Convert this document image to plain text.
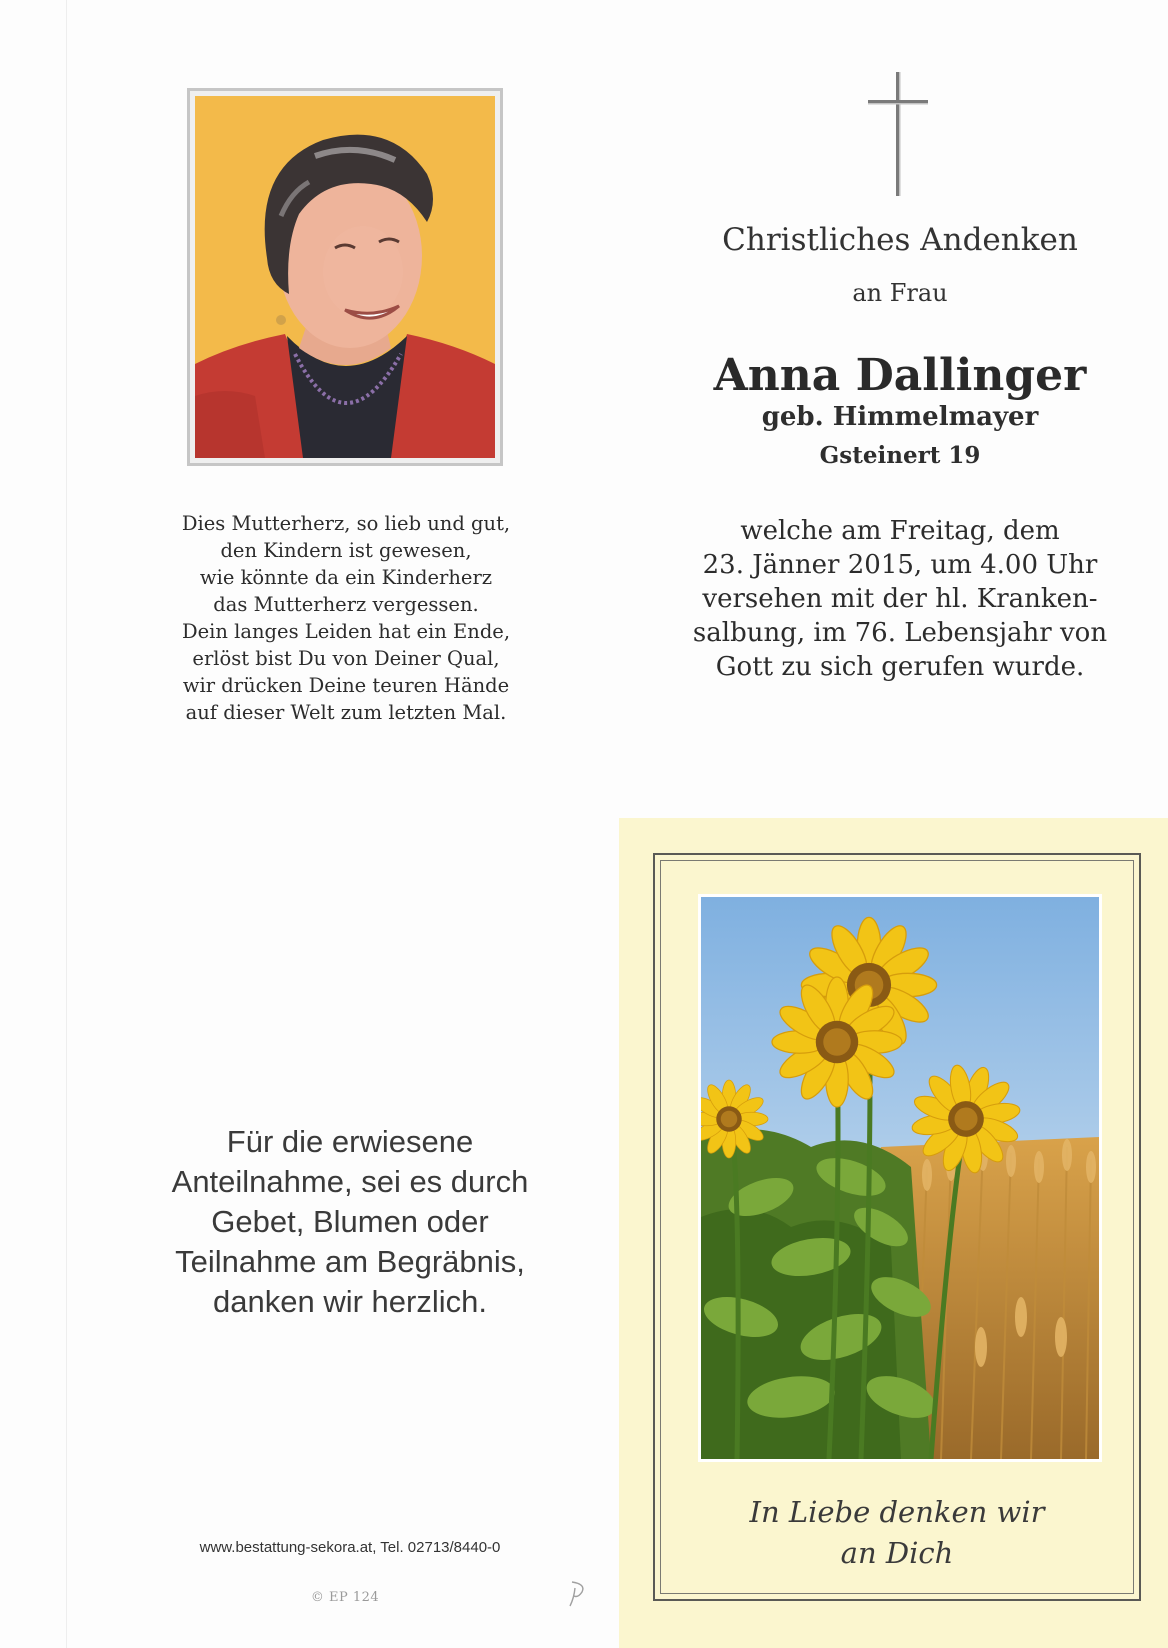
Dies Mutterherz, so lieb und gut,
den Kindern ist gewesen,
wie könnte da ein Kinderherz
das Mutterherz vergessen.
Dein langes Leiden hat ein Ende,
erlöst bist Du von Deiner Qual,
wir drücken Deine teuren Hände
auf dieser Welt zum letzten Mal.
Christliches Andenken
an Frau
Anna Dallinger
geb. Himmelmayer
Gsteinert 19
welche am Freitag, dem
23. Jänner 2015, um 4.00 Uhr
versehen mit der hl. Kranken-
salbung, im 76. Lebensjahr von
Gott zu sich gerufen wurde.
Für die erwiesene
Anteilnahme, sei es durch
Gebet, Blumen oder
Teilnahme am Begräbnis,
danken wir herzlich.
www.bestattung-sekora.at, Tel. 02713/8440-0
© EP 124
In Liebe denken wir
an Dich
